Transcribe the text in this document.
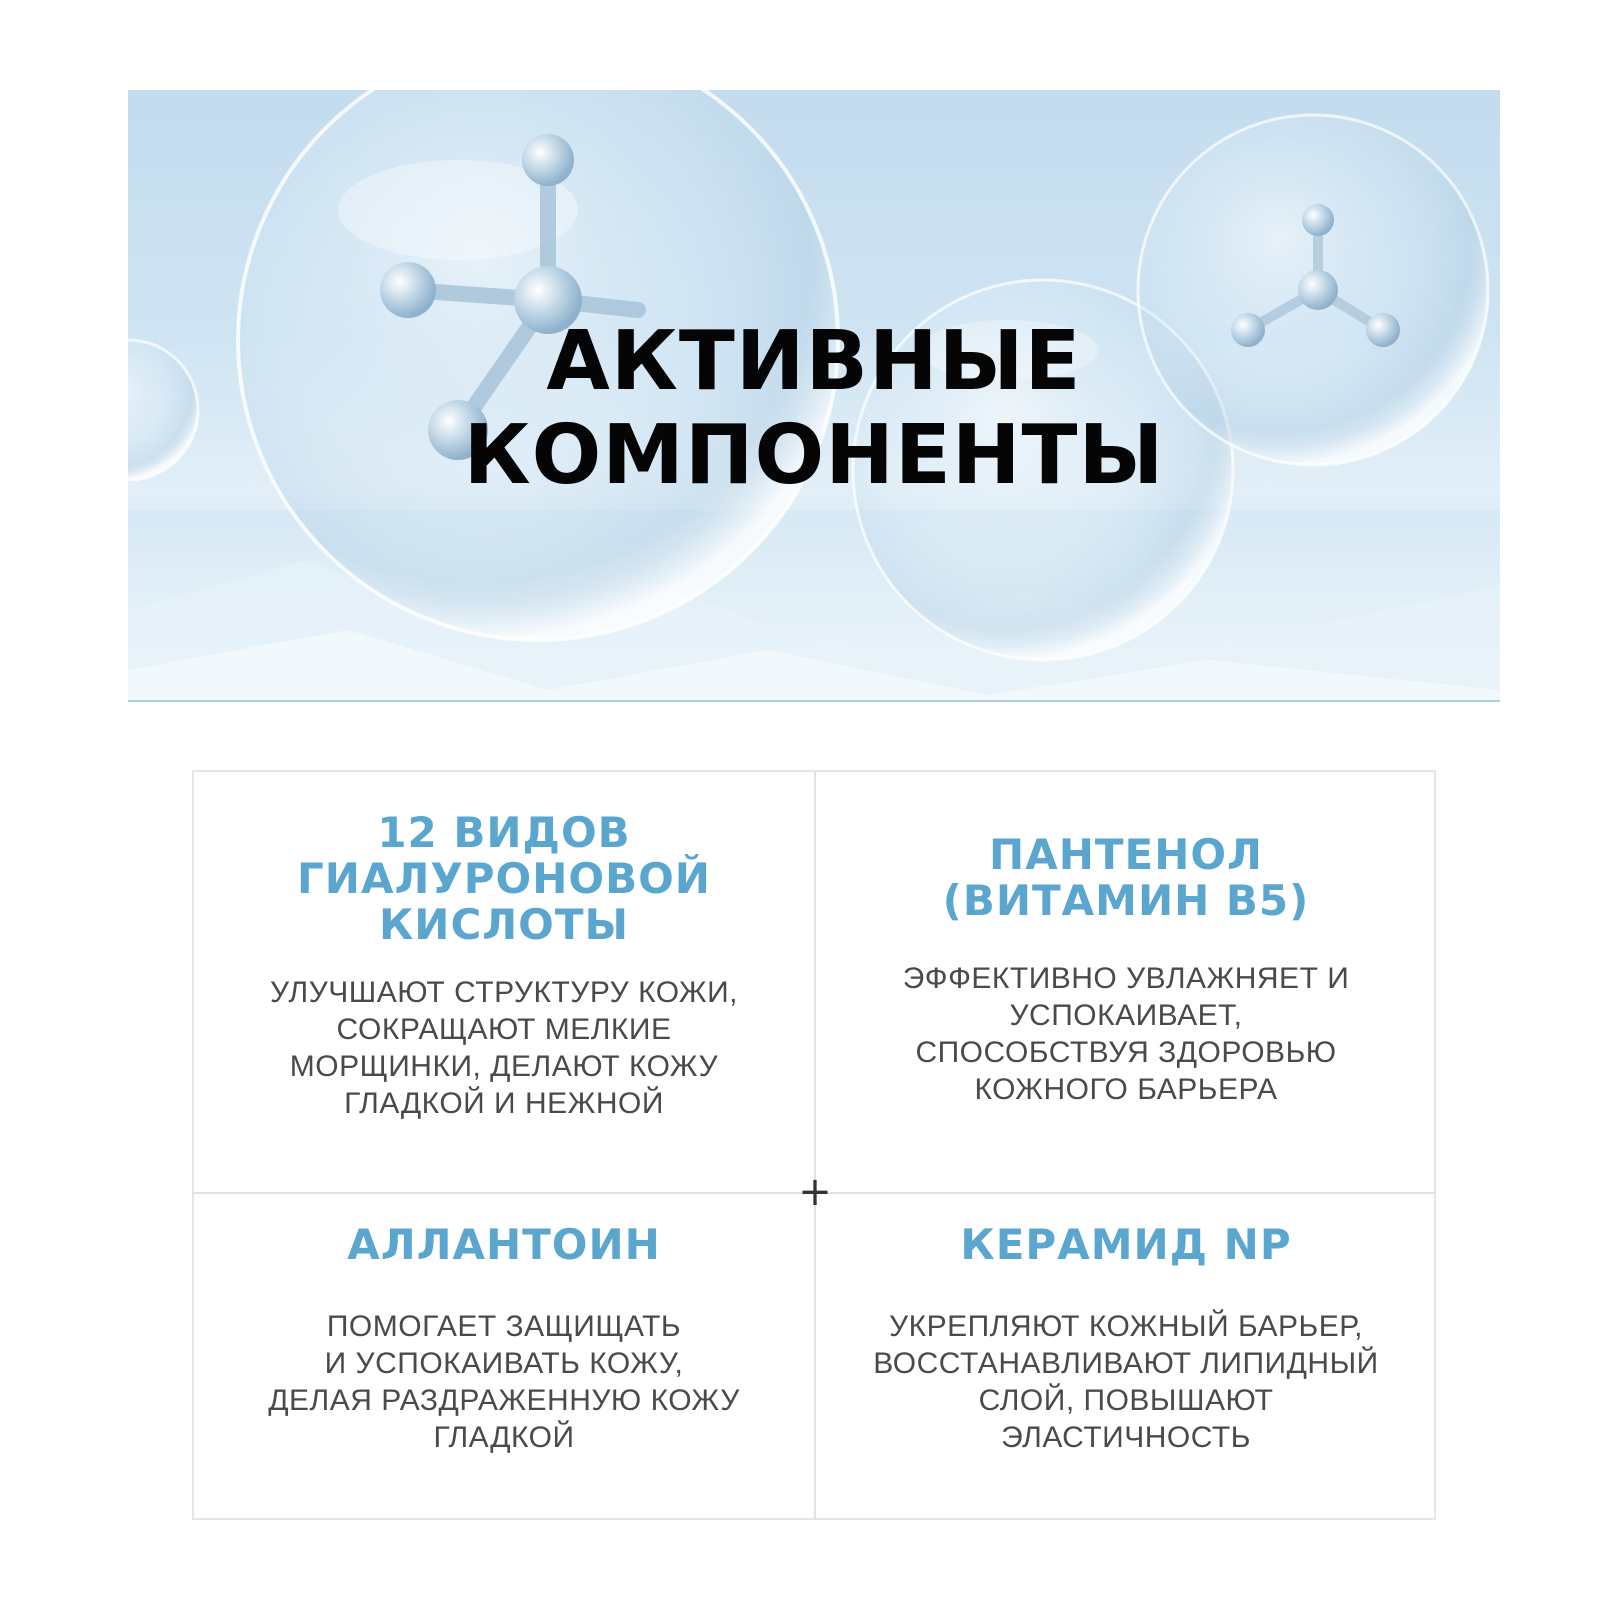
АКТИВНЫЕ
КОМПОНЕНТЫ
+
12 ВИДОВ
ГИАЛУРОНОВОЙ
КИСЛОТЫ

УЛУЧШАЮТ СТРУКТУРУ КОЖИ,
СОКРАЩАЮТ МЕЛКИЕ
МОРЩИНКИ, ДЕЛАЮТ КОЖУ
ГЛАДКОЙ И НЕЖНОЙ

ПАНТЕНОЛ
(ВИТАМИН В5)

ЭФФЕКТИВНО УВЛАЖНЯЕТ И
УСПОКАИВАЕТ,
СПОСОБСТВУЯ ЗДОРОВЬЮ
КОЖНОГО БАРЬЕРА

АЛЛАНТОИН

ПОМОГАЕТ ЗАЩИЩАТЬ
И УСПОКАИВАТЬ КОЖУ,
ДЕЛАЯ РАЗДРАЖЕННУЮ КОЖУ
ГЛАДКОЙ

КЕРАМИД NP

УКРЕПЛЯЮТ КОЖНЫЙ БАРЬЕР,
ВОССТАНАВЛИВАЮТ ЛИПИДНЫЙ
СЛОЙ, ПОВЫШАЮТ
ЭЛАСТИЧНОСТЬ
